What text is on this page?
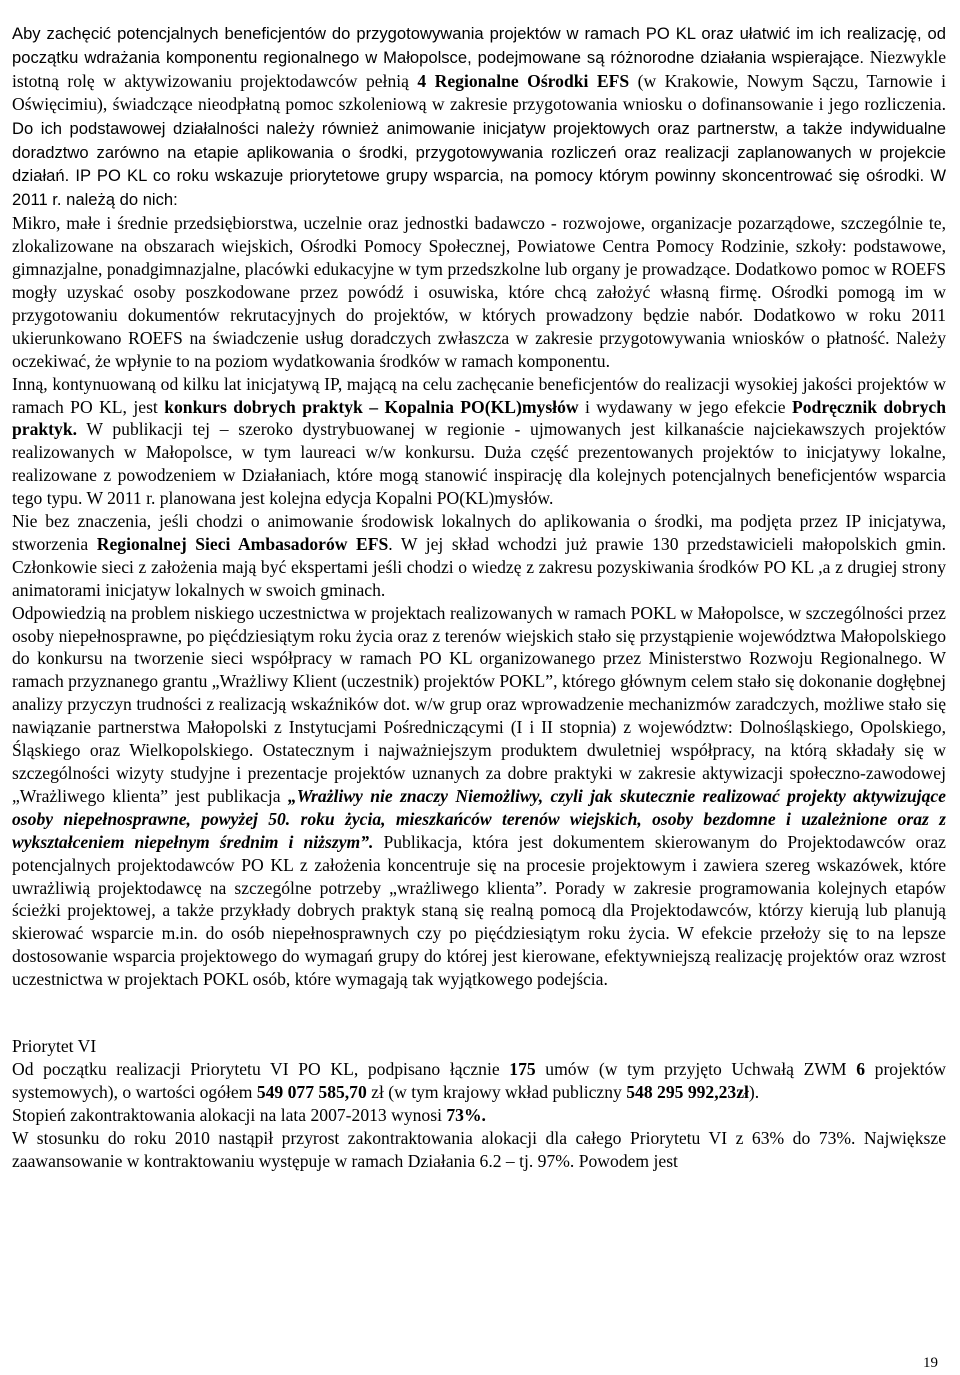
Aby zachęcić potencjalnych beneficjentów do przygotowywania projektów w ramach PO KL oraz ułatwić im ich realizację, od początku wdrażania komponentu regionalnego w Małopolsce, podejmowane są różnorodne działania wspierające. Niezwykle istotną rolę w aktywizowaniu projektodawców pełnią 4 Regionalne Ośrodki EFS (w Krakowie, Nowym Sączu, Tarnowie i Oświęcimiu), świadczące nieodpłatną pomoc szkoleniową w zakresie przygotowania wniosku o dofinansowanie i jego rozliczenia. Do ich podstawowej działalności należy również animowanie inicjatyw projektowych oraz partnerstw, a także indywidualne doradztwo zarówno na etapie aplikowania o środki, przygotowywania rozliczeń oraz realizacji zaplanowanych w projekcie działań. IP PO KL co roku wskazuje priorytetowe grupy wsparcia, na pomocy którym powinny skoncentrować się ośrodki. W 2011 r. należą do nich:

Mikro, małe i średnie przedsiębiorstwa, uczelnie oraz jednostki badawczo - rozwojowe, organizacje pozarządowe, szczególnie te, zlokalizowane na obszarach wiejskich, Ośrodki Pomocy Społecznej, Powiatowe Centra Pomocy Rodzinie, szkoły: podstawowe, gimnazjalne, ponadgimnazjalne, placówki edukacyjne w tym przedszkolne lub organy je prowadzące. Dodatkowo pomoc w ROEFS mogły uzyskać osoby poszkodowane przez powódź i osuwiska, które chcą założyć własną firmę. Ośrodki pomogą im w przygotowaniu dokumentów rekrutacyjnych do projektów, w których prowadzony będzie nabór. Dodatkowo w roku 2011 ukierunkowano ROEFS na świadczenie usług doradczych zwłaszcza w zakresie przygotowywania wniosków o płatność. Należy oczekiwać, że wpłynie to na poziom wydatkowania środków w ramach komponentu.

Inną, kontynuowaną od kilku lat inicjatywą IP, mającą na celu zachęcanie beneficjentów do realizacji wysokiej jakości projektów w ramach PO KL, jest konkurs dobrych praktyk – Kopalnia PO(KL)mysłów i wydawany w jego efekcie Podręcznik dobrych praktyk. W publikacji tej – szeroko dystrybuowanej w regionie - ujmowanych jest kilkanaście najciekawszych projektów realizowanych w Małopolsce, w tym laureaci w/w konkursu. Duża część prezentowanych projektów to inicjatywy lokalne, realizowane z powodzeniem w Działaniach, które mogą stanowić inspirację dla kolejnych potencjalnych beneficjentów wsparcia tego typu. W 2011 r. planowana jest kolejna edycja Kopalni PO(KL)mysłów.

Nie bez znaczenia, jeśli chodzi o animowanie środowisk lokalnych do aplikowania o środki, ma podjęta przez IP inicjatywa, stworzenia Regionalnej Sieci Ambasadorów EFS. W jej skład wchodzi już prawie 130 przedstawicieli małopolskich gmin. Członkowie sieci z założenia mają być ekspertami jeśli chodzi o wiedzę z zakresu pozyskiwania środków PO KL ,a z drugiej strony animatorami inicjatyw lokalnych w swoich gminach.

Odpowiedzią na problem niskiego uczestnictwa w projektach realizowanych w ramach POKL w Małopolsce, w szczególności przez osoby niepełnosprawne, po pięćdziesiątym roku życia oraz z terenów wiejskich stało się przystąpienie województwa Małopolskiego do konkursu na tworzenie sieci współpracy w ramach PO KL organizowanego przez Ministerstwo Rozwoju Regionalnego. W ramach przyznanego grantu „Wrażliwy Klient (uczestnik) projektów POKL”, którego głównym celem stało się dokonanie dogłębnej analizy przyczyn trudności z realizacją wskaźników dot. w/w grup oraz wprowadzenie mechanizmów zaradczych, możliwe stało się nawiązanie partnerstwa Małopolski z Instytucjami Pośredniczącymi (I i II stopnia) z województw: Dolnośląskiego, Opolskiego, Śląskiego oraz Wielkopolskiego. Ostatecznym i najważniejszym produktem dwuletniej współpracy, na którą składały się w szczególności wizyty studyjne i prezentacje projektów uznanych za dobre praktyki w zakresie aktywizacji społeczno-zawodowej „Wrażliwego klienta” jest publikacja „Wrażliwy nie znaczy Niemożliwy, czyli jak skutecznie realizować projekty aktywizujące osoby niepełnosprawne, powyżej 50. roku życia, mieszkańców terenów wiejskich, osoby bezdomne i uzależnione oraz z wykształceniem niepełnym średnim i niższym”. Publikacja, która jest dokumentem skierowanym do Projektodawców oraz potencjalnych projektodawców PO KL z założenia koncentruje się na procesie projektowym i zawiera szereg wskazówek, które uwrażliwią projektodawcę na szczególne potrzeby „wrażliwego klienta”. Porady w zakresie programowania kolejnych etapów ścieżki projektowej, a także przykłady dobrych praktyk staną się realną pomocą dla Projektodawców, którzy kierują lub planują skierować wsparcie m.in. do osób niepełnosprawnych czy po pięćdziesiątym roku życia. W efekcie przełoży się to na lepsze dostosowanie wsparcia projektowego do wymagań grupy do której jest kierowane, efektywniejszą realizację projektów oraz wzrost uczestnictwa w projektach POKL osób, które wymagają tak wyjątkowego podejścia.

Priorytet VI

Od początku realizacji Priorytetu VI PO KL, podpisano łącznie 175 umów (w tym przyjęto Uchwałą ZWM 6 projektów systemowych), o wartości ogółem 549 077 585,70 zł (w tym krajowy wkład publiczny 548 295 992,23zł).

Stopień zakontraktowania alokacji na lata 2007-2013 wynosi 73%.

W stosunku do roku 2010 nastąpił przyrost zakontraktowania alokacji dla całego Priorytetu VI z 63% do 73%. Największe zaawansowanie w kontraktowaniu występuje w ramach Działania 6.2 – tj. 97%. Powodem jest

19
